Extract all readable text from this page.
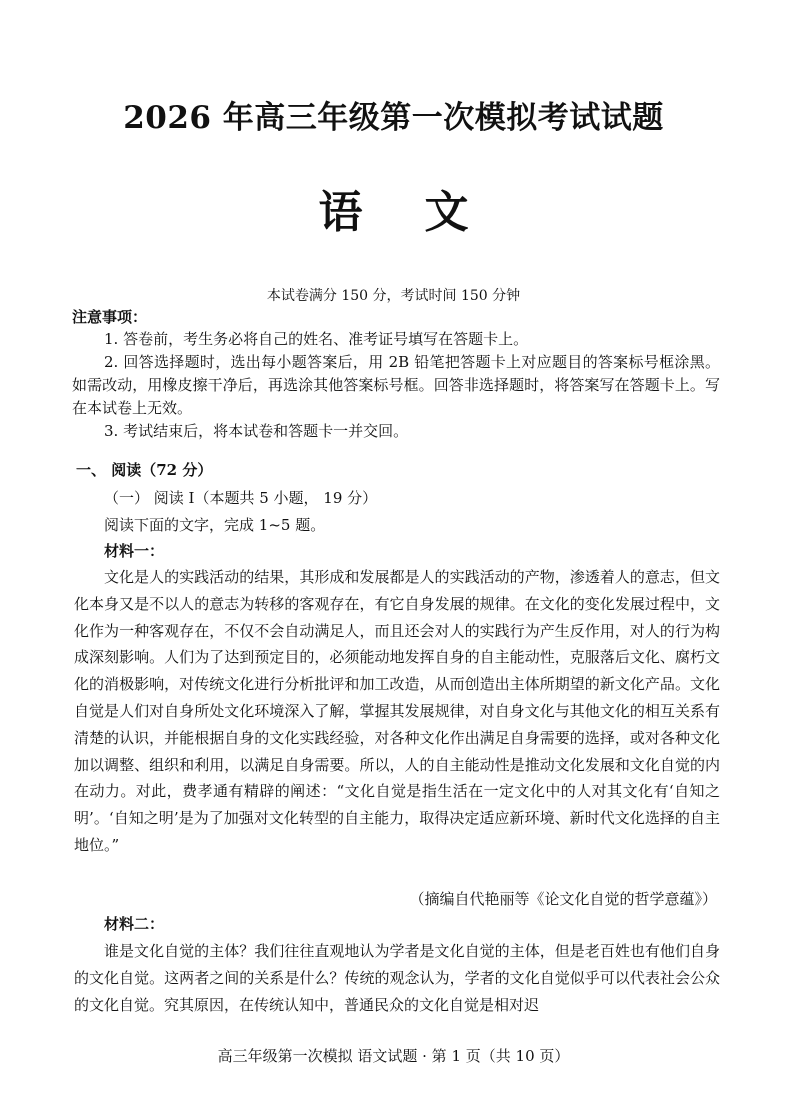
2026 年高三年级第一次模拟考试试题
语文
本试卷满分 150 分，考试时间 150 分钟
注意事项：
1. 答卷前，考生务必将自己的姓名、准考证号填写在答题卡上。
2. 回答选择题时，选出每小题答案后，用 2B 铅笔把答题卡上对应题目的答案标号框涂黑。如需改动，用橡皮擦干净后，再选涂其他答案标号框。回答非选择题时，将答案写在答题卡上。写在本试卷上无效。
3. 考试结束后，将本试卷和答题卡一并交回。
一、 阅读（72 分）
（一） 阅读 I（本题共 5 小题， 19 分）
阅读下面的文字，完成 1~5 题。
材料一：
文化是人的实践活动的结果，其形成和发展都是人的实践活动的产物，渗透着人的意志，但文化本身又是不以人的意志为转移的客观存在，有它自身发展的规律。在文化的变化发展过程中，文化作为一种客观存在，不仅不会自动满足人，而且还会对人的实践行为产生反作用，对人的行为构成深刻影响。人们为了达到预定目的，必须能动地发挥自身的自主能动性，克服落后文化、腐朽文化的消极影响，对传统文化进行分析批评和加工改造，从而创造出主体所期望的新文化产品。文化自觉是人们对自身所处文化环境深入了解，掌握其发展规律，对自身文化与其他文化的相互关系有清楚的认识，并能根据自身的文化实践经验，对各种文化作出满足自身需要的选择，或对各种文化加以调整、组织和利用，以满足自身需要。所以，人的自主能动性是推动文化发展和文化自觉的内在动力。对此，费孝通有精辟的阐述：“文化自觉是指生活在一定文化中的人对其文化有‘自知之明’。‘自知之明’是为了加强对文化转型的自主能力，取得决定适应新环境、新时代文化选择的自主地位。”
（摘编自代艳丽等《论文化自觉的哲学意蕴》）
材料二：
谁是文化自觉的主体？我们往往直观地认为学者是文化自觉的主体，但是老百姓也有他们自身的文化自觉。这两者之间的关系是什么？传统的观念认为，学者的文化自觉似乎可以代表社会公众的文化自觉。究其原因，在传统认知中，普通民众的文化自觉是相对迟
高三年级第一次模拟 语文试题 · 第 1 页（共 10 页）
